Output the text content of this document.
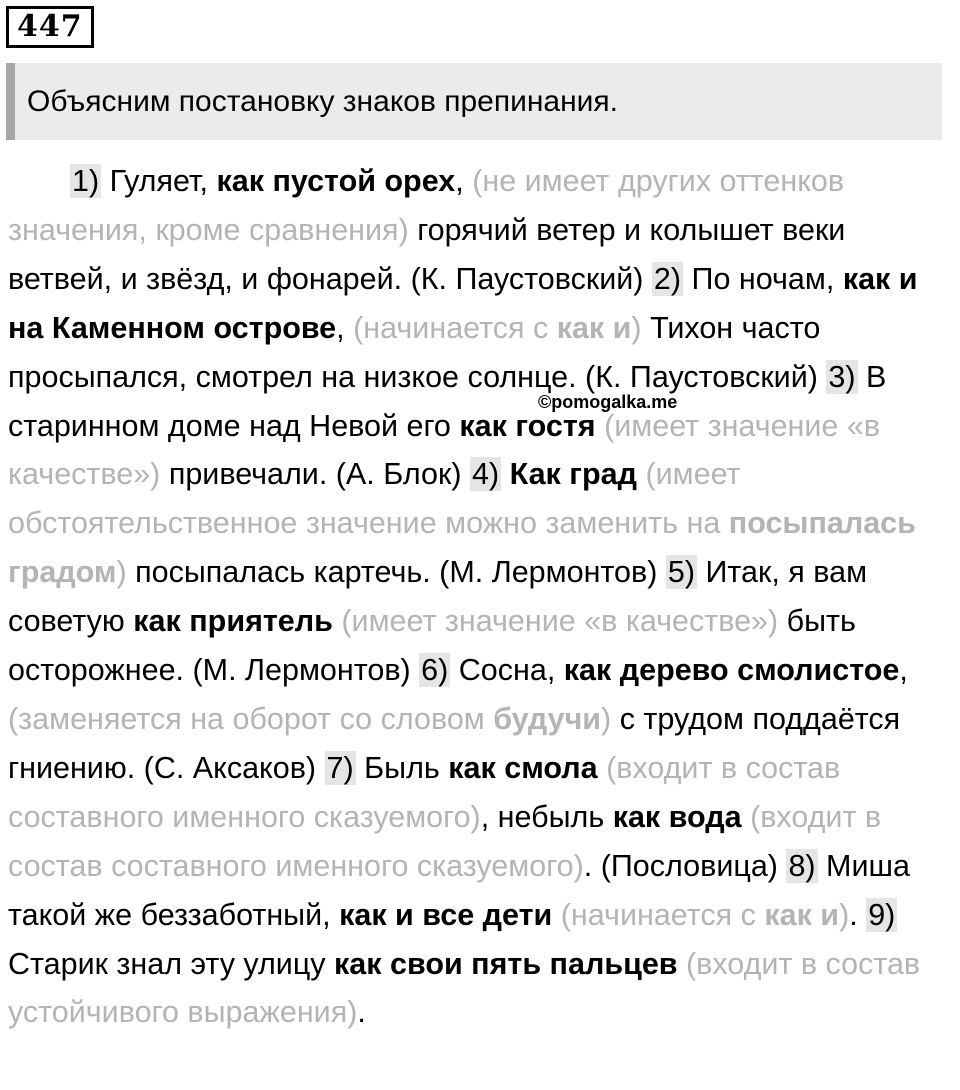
447
Объясним постановку знаков препинания.
©pomogalka.me

1) Гуляет, как пустой орех, (не имеет других оттенков значения, кроме сравнения) горячий ветер и колышет веки ветвей, и звёзд, и фонарей. (К. Паустовский) 2) По ночам, как и на Каменном острове, (начинается с как и) Тихон часто просыпался, смотрел на низкое солнце. (К. Паустовский) 3) В старинном доме над Невой его как гостя (имеет значение «в качестве») привечали. (А. Блок) 4) Как град (имеет обстоятельственное значение можно заменить на посыпалась градом) посыпалась картечь. (М. Лермонтов) 5) Итак, я вам советую как приятель (имеет значение «в качестве») быть осторожнее. (М. Лермонтов) 6) Сосна, как дерево смолистое, (заменяется на оборот со словом будучи) с трудом поддаётся гниению. (С. Аксаков) 7) Быль как смола (входит в состав составного именного сказуемого), небыль как вода (входит в состав составного именного сказуемого). (Пословица) 8) Миша такой же беззаботный, как и все дети (начинается с как и). 9) Старик знал эту улицу как свои пять пальцев (входит в состав устойчивого выражения).
